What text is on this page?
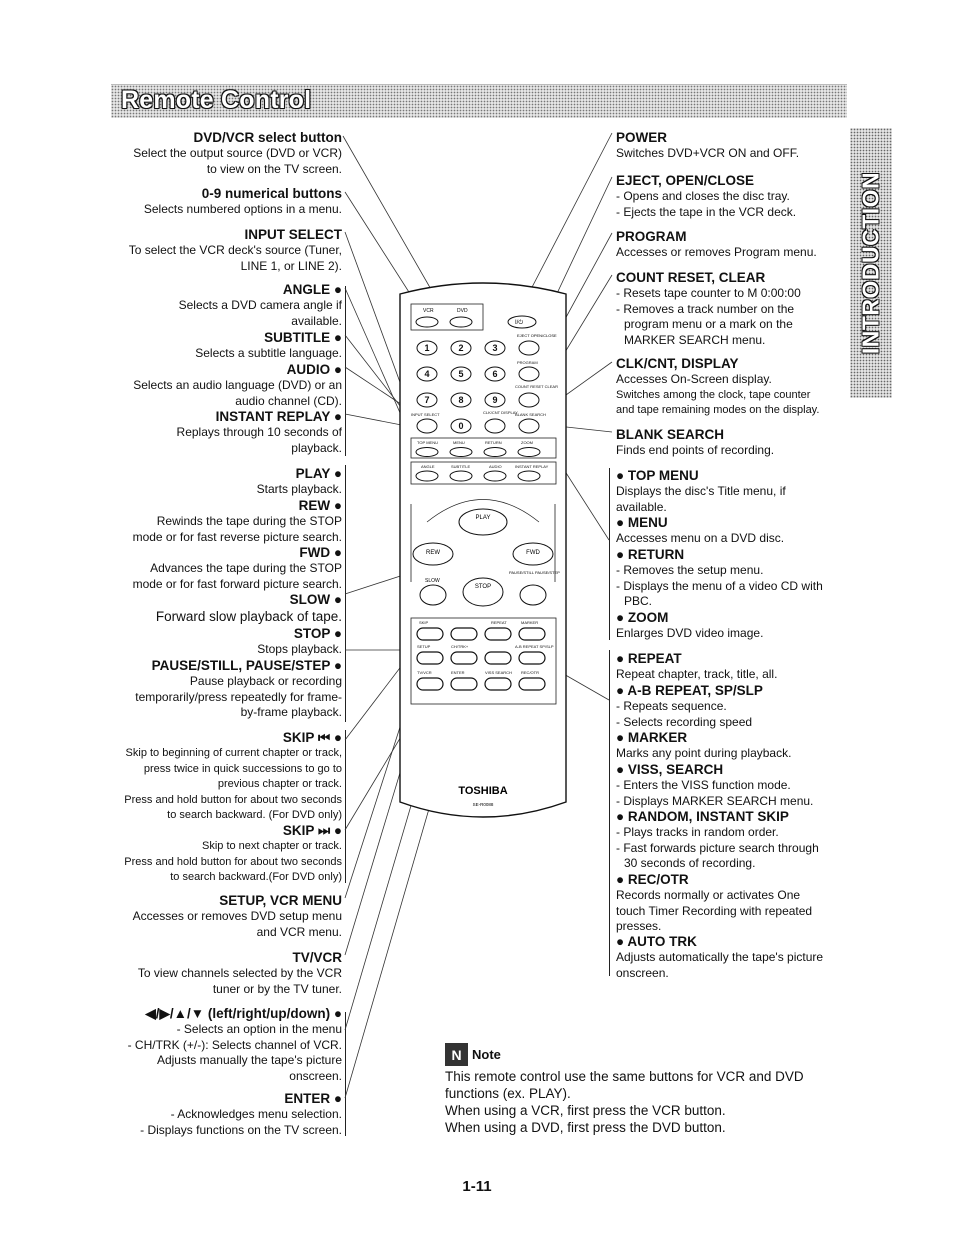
Remote Control
INTRODUCTION
DVD/VCR select button
Select the output source (DVD or VCR)
to view on the TV screen.
0-9 numerical buttons
Selects numbered options in a menu.
INPUT SELECT
To select the VCR deck's source (Tuner,
LINE 1, or LINE 2).
ANGLE ●
Selects a DVD camera angle if
available.
SUBTITLE ●
Selects a subtitle language.
AUDIO ●
Selects an audio language (DVD) or an
audio channel (CD).
INSTANT REPLAY ●
Replays through 10 seconds of
playback.
PLAY ●
Starts playback.
REW ●
Rewinds the tape during the STOP
mode or for fast reverse picture search.
FWD ●
Advances the tape during the STOP
mode or for fast forward picture search.
SLOW ●
Forward slow playback of tape.
STOP ●
Stops playback.
PAUSE/STILL, PAUSE/STEP ●
Pause playback or recording
temporarily/press repeatedly for frame-
by-frame playback.
SKIP ⏮ ●
Skip to beginning of current chapter or track,
press twice in quick successions to go to
previous chapter or track.
Press and hold button for about two seconds
to search backward. (For DVD only)
SKIP ⏭ ●
Skip to next chapter or track.
Press and hold button for about two seconds
to search backward.(For DVD only)
SETUP, VCR MENU
Accesses or removes DVD setup menu
and VCR menu.
TV/VCR
To view channels selected by the VCR
tuner or by the TV tuner.
◀/▶/▲/▼ (left/right/up/down) ●
- Selects an option in the menu
- CH/TRK (+/-): Selects channel of VCR.
Adjusts manually the tape's picture
onscreen.
ENTER ●
- Acknowledges menu selection.
- Displays functions on the TV screen.
POWER
Switches DVD+VCR ON and OFF.
EJECT, OPEN/CLOSE
- Opens and closes the disc tray.
- Ejects the tape in the VCR deck.
PROGRAM
Accesses or removes Program menu.
COUNT RESET, CLEAR
- Resets tape counter to M 0:00:00
- Removes a track number on the
program menu or a mark on the
MARKER SEARCH menu.
CLK/CNT, DISPLAY
Accesses On-Screen display.
Switches among the clock, tape counter
and tape remaining modes on the display.
BLANK SEARCH
Finds end points of recording.
● TOP MENU
Displays the disc's Title menu, if
available.
● MENU
Accesses menu on a DVD disc.
● RETURN
- Removes the setup menu.
- Displays the menu of a video CD with
PBC.
● ZOOM
Enlarges DVD video image.
● REPEAT
Repeat chapter, track, title, all.
● A-B REPEAT, SP/SLP
- Repeats sequence.
- Selects recording speed
● MARKER
Marks any point during playback.
● VISS, SEARCH
- Enters the VISS function mode.
- Displays MARKER SEARCH menu.
● RANDOM, INSTANT SKIP
- Plays tracks in random order.
- Fast forwards picture search through
30 seconds of recording.
● REC/OTR
Records normally or activates One
touch Timer Recording with repeated
presses.
● AUTO TRK
Adjusts automatically the tape's picture
onscreen.
VCR	DVD
I/⏻
EJECT OPEN/CLOSE
1	2	3
4	5	6
7	8	9
0
PROGRAM
COUNT RESET CLEAR
INPUT SELECT	CLK/CNT DISPLAY
BLANK SEARCH
TOP MENU	MENU	RETURN	ZOOM
ANGLE	SUBTITLE	AUDIO	INSTANT REPLAY
PLAY
REW	FWD
STOP
SLOW
PAUSE/STILL PAUSE/STEP
SKIP	REPEAT	MARKER
SETUP	CH/TRK+	A-B REPEAT SP/SLP
TV/VCR	ENTER	VISS SEARCH REC/OTR
TOSHIBA
SE-R0088
N Note
This remote control use the same buttons for VCR and DVD
functions (ex. PLAY).
When using a VCR, first press the VCR button.
When using a DVD, first press the DVD button.
1-11
